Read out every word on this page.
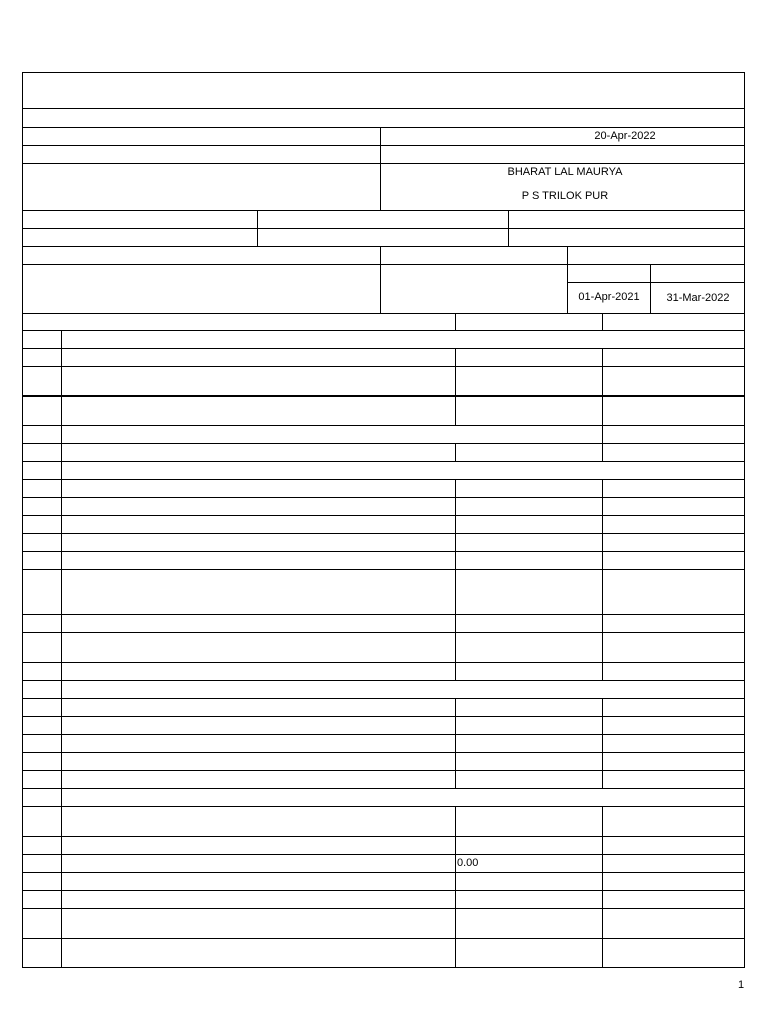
20-Apr-2022
BHARAT LAL MAURYA
P S TRILOK PUR
01-Apr-2021	31-Mar-2022
0.00
1
